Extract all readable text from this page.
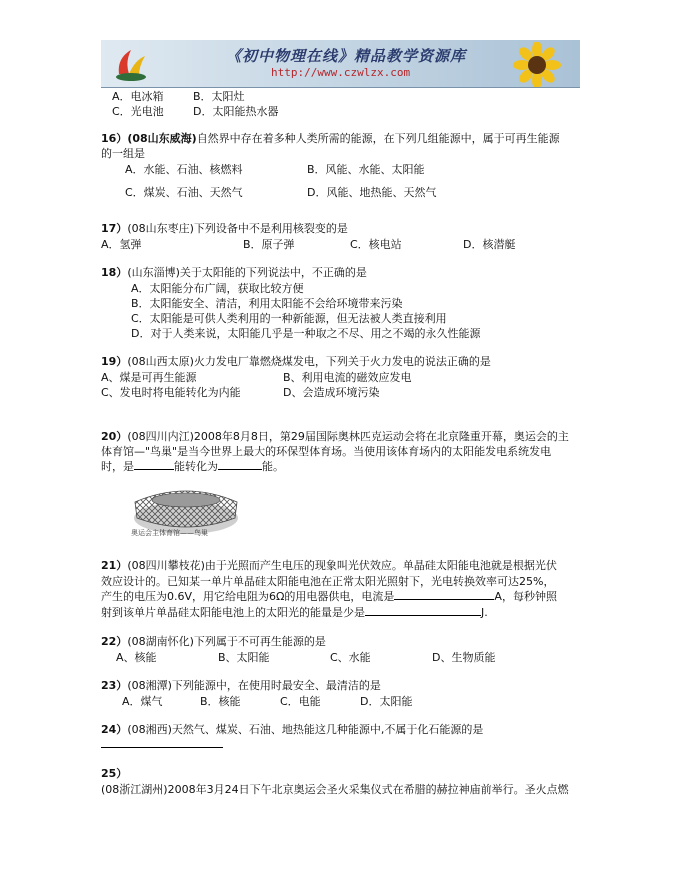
《初中物理在线》精品教学资源库
http://www.czwlzx.com
A．电冰箱	B．太阳灶
C．光电池	D．太阳能热水器
16）(08山东威海)自然界中存在着多种人类所需的能源，在下列几组能源中，属于可再生能源
的一组是
A．水能、石油、核燃料	B．风能、水能、太阳能
C．煤炭、石油、天然气	D．风能、地热能、天然气
17）(08山东枣庄)下列设备中不是利用核裂变的是
A．氢弹	B．原子弹	C．核电站	D．核潜艇
18）(山东淄博)关于太阳能的下列说法中，不正确的是
A．太阳能分布广阔，获取比较方便
B．太阳能安全、清洁，利用太阳能不会给环境带来污染
C．太阳能是可供人类利用的一种新能源，但无法被人类直接利用
D．对于人类来说，太阳能几乎是一种取之不尽、用之不竭的永久性能源
19）(08山西太原)火力发电厂靠燃烧煤发电，下列关于火力发电的说法正确的是
A、煤是可再生能源	B、利用电流的磁效应发电
C、发电时将电能转化为内能	D、会造成环境污染
20）(08四川内江)2008年8月8日，第29届国际奥林匹克运动会将在北京隆重开幕，奥运会的主
体育馆—"鸟巢"是当今世界上最大的环保型体育场。当使用该体育场内的太阳能发电系统发电
时，是	能转化为	能。
奥运会主体育馆——鸟巢
21）(08四川攀枝花)由于光照而产生电压的现象叫光伏效应。单晶硅太阳能电池就是根据光伏
效应设计的。已知某一单片单晶硅太阳能电池在正常太阳光照射下，光电转换效率可达25%，
产生的电压为0.6V，用它给电阻为6Ω的用电器供电，电流是	A，每秒钟照
射到该单片单晶硅太阳能电池上的太阳光的能量是少是	J.
22）(08湖南怀化)下列属于不可再生能源的是
A、核能	B、太阳能	C、水能	D、生物质能
23）(08湘潭)下列能源中，在使用时最安全、最清洁的是
A．煤气	B．核能	C．电能	D．太阳能
24）(08湘西)天然气、煤炭、石油、地热能这几种能源中,不属于化石能源的是
25）
(08浙江湖州)2008年3月24日下午北京奥运会圣火采集仪式在希腊的赫拉神庙前举行。圣火点燃
